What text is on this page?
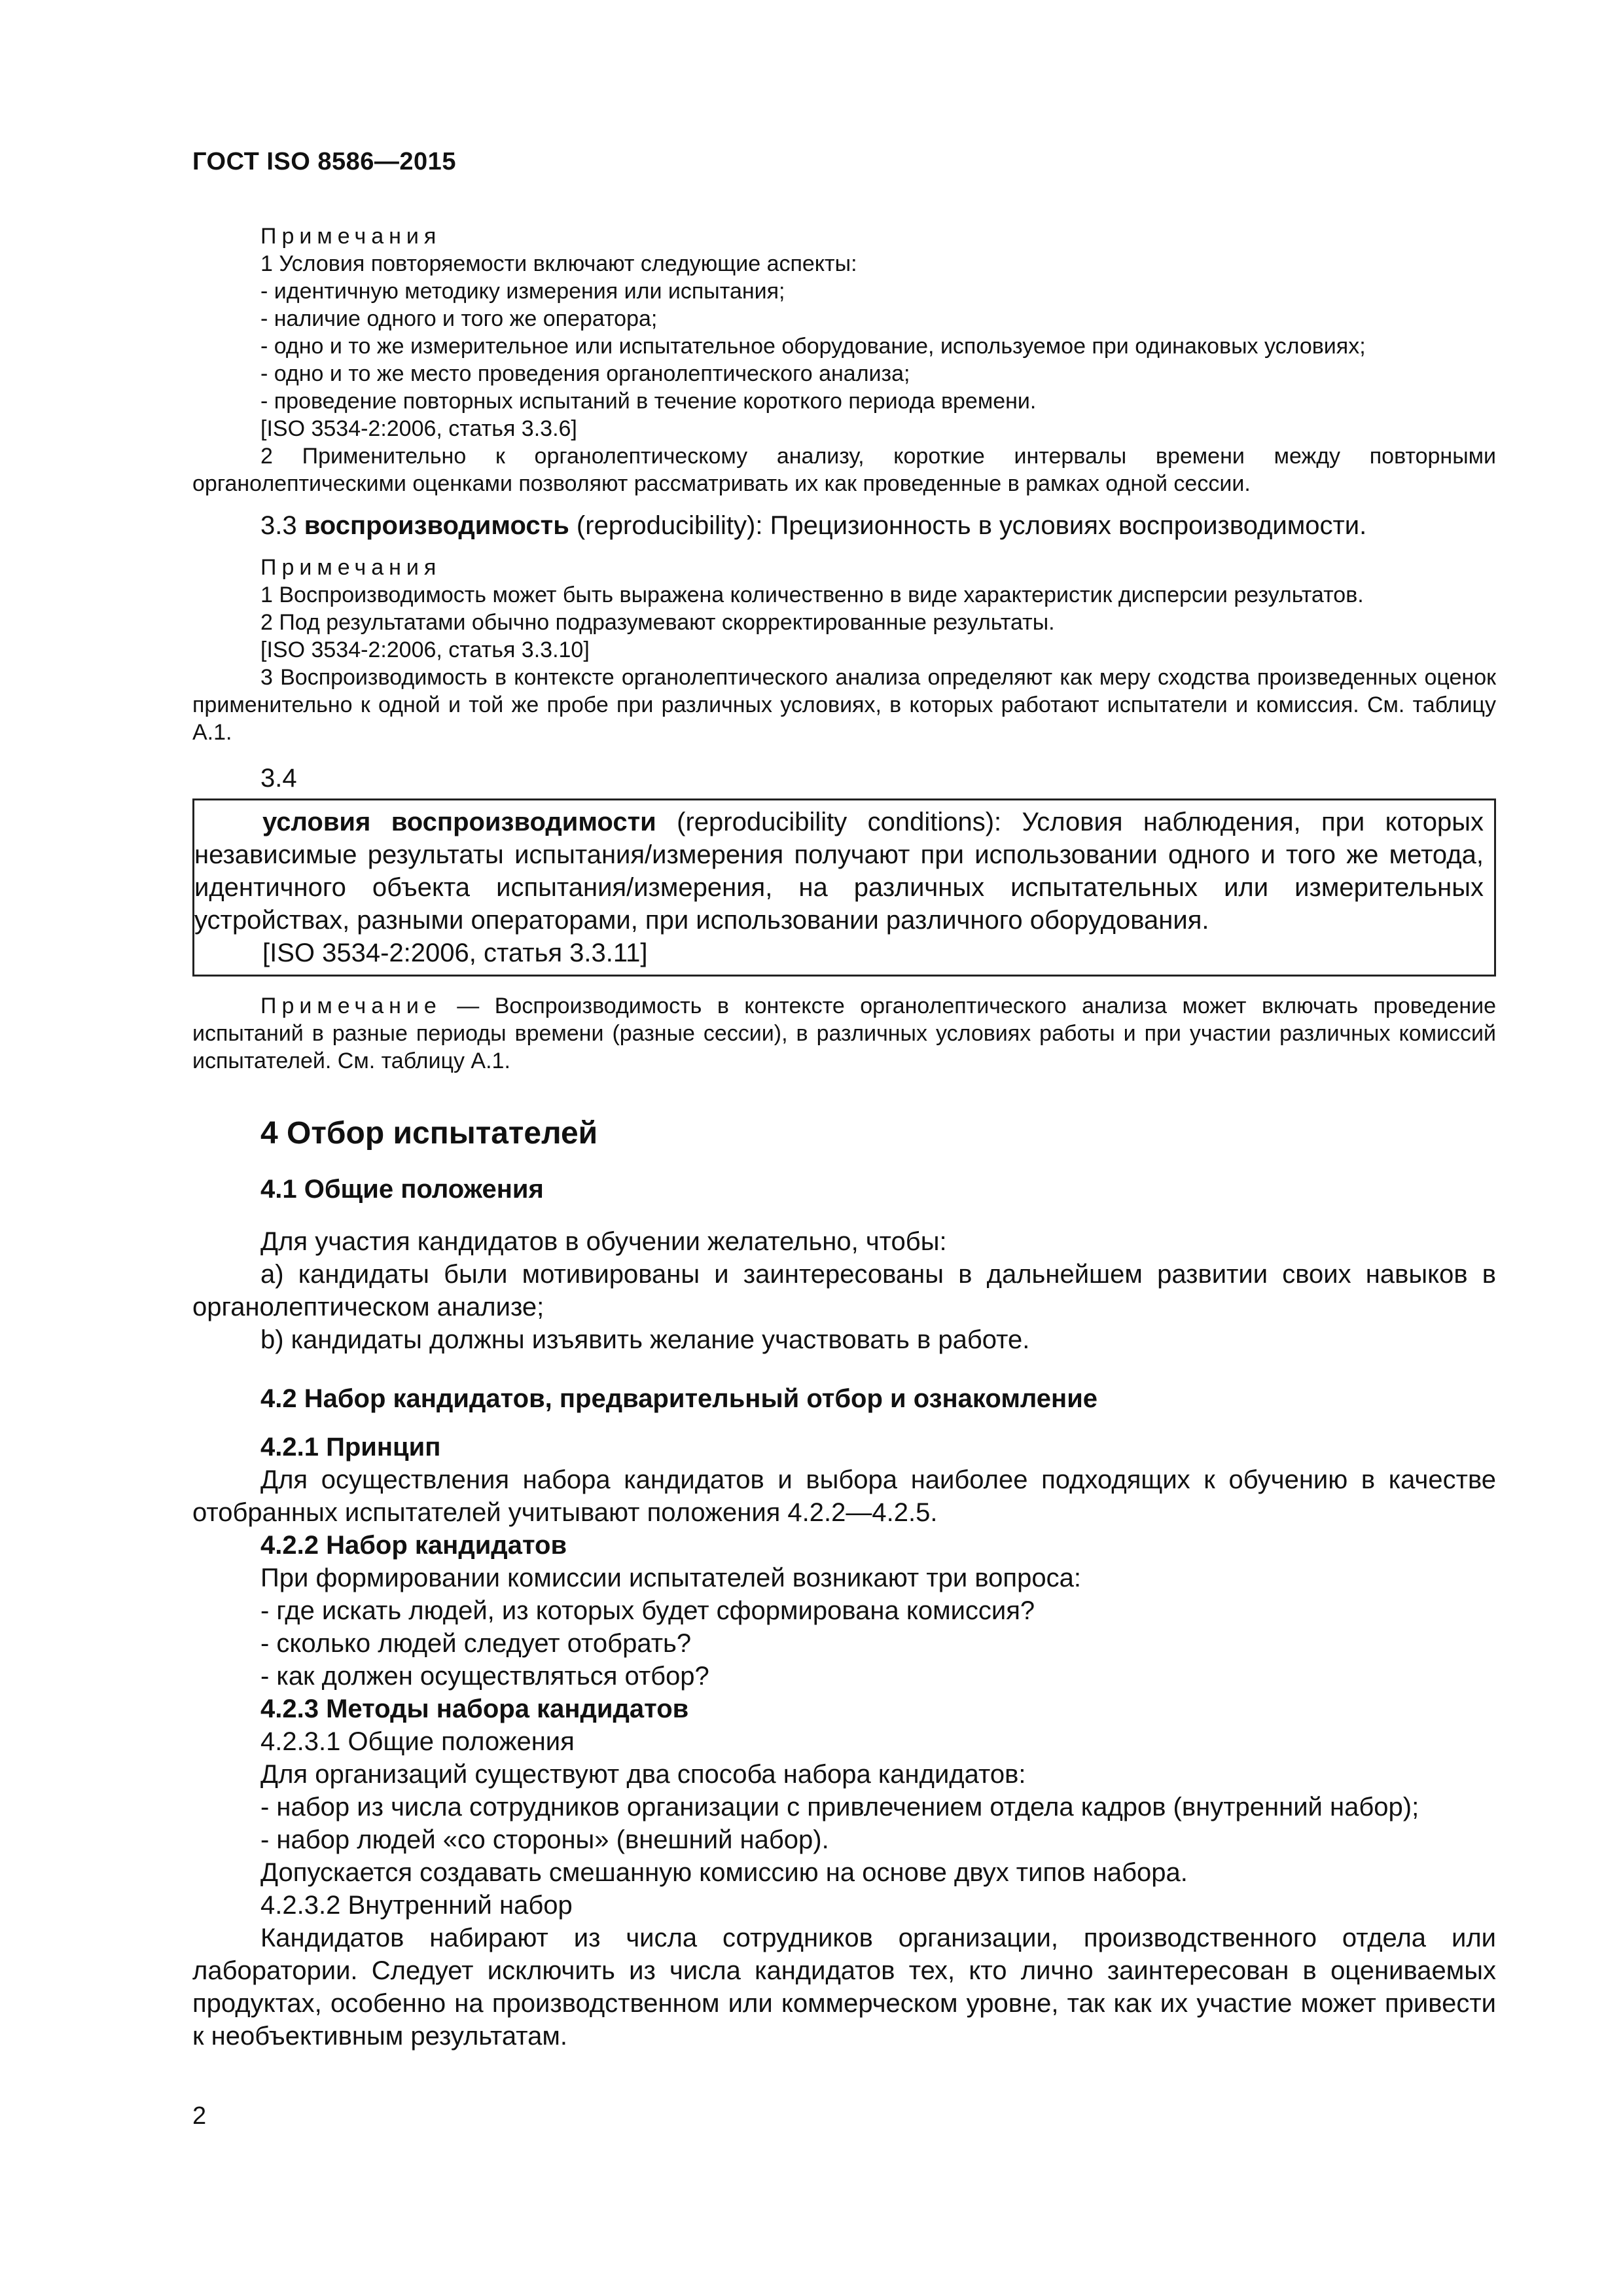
ГОСТ ISO 8586—2015

Примечания

1 Условия повторяемости включают следующие аспекты:

- идентичную методику измерения или испытания;

- наличие одного и того же оператора;

- одно и то же измерительное или испытательное оборудование, используемое при одинаковых условиях;

- одно и то же место проведения органолептического анализа;

- проведение повторных испытаний в течение короткого периода времени.

[ISO 3534-2:2006, статья 3.3.6]

2 Применительно к органолептическому анализу, короткие интервалы времени между повторными органолептическими оценками позволяют рассматривать их как проведенные в рамках одной сессии.

3.3 воспроизводимость (reproducibility): Прецизионность в условиях воспроизводимости.

Примечания

1 Воспроизводимость может быть выражена количественно в виде характеристик дисперсии результатов.

2 Под результатами обычно подразумевают скорректированные результаты.

[ISO 3534-2:2006, статья 3.3.10]

3 Воспроизводимость в контексте органолептического анализа определяют как меру сходства произведенных оценок применительно к одной и той же пробе при различных условиях, в которых работают испытатели и комиссия. См. таблицу А.1.

3.4

условия воспроизводимости (reproducibility conditions): Условия наблюдения, при которых независимые результаты испытания/измерения получают при использовании одного и того же метода, идентичного объекта испытания/измерения, на различных испытательных или измерительных устройствах, разными операторами, при использовании различного оборудования.

[ISO 3534-2:2006, статья 3.3.11]

Примечание — Воспроизводимость в контексте органолептического анализа может включать проведение испытаний в разные периоды времени (разные сессии), в различных условиях работы и при участии различных комиссий испытателей. См. таблицу А.1.

4 Отбор испытателей

4.1 Общие положения

Для участия кандидатов в обучении желательно, чтобы:

a) кандидаты были мотивированы и заинтересованы в дальнейшем развитии своих навыков в органолептическом анализе;

b) кандидаты должны изъявить желание участвовать в работе.

4.2 Набор кандидатов, предварительный отбор и ознакомление

4.2.1 Принцип

Для осуществления набора кандидатов и выбора наиболее подходящих к обучению в качестве отобранных испытателей учитывают положения 4.2.2—4.2.5.

4.2.2 Набор кандидатов

При формировании комиссии испытателей возникают три вопроса:

- где искать людей, из которых будет сформирована комиссия?

- сколько людей следует отобрать?

- как должен осуществляться отбор?

4.2.3 Методы набора кандидатов

4.2.3.1 Общие положения

Для организаций существуют два способа набора кандидатов:

- набор из числа сотрудников организации с привлечением отдела кадров (внутренний набор);

- набор людей «со стороны» (внешний набор).

Допускается создавать смешанную комиссию на основе двух типов набора.

4.2.3.2 Внутренний набор

Кандидатов набирают из числа сотрудников организации, производственного отдела или лаборатории. Следует исключить из числа кандидатов тех, кто лично заинтересован в оцениваемых продуктах, особенно на производственном или коммерческом уровне, так как их участие может привести к необъективным результатам.

2
